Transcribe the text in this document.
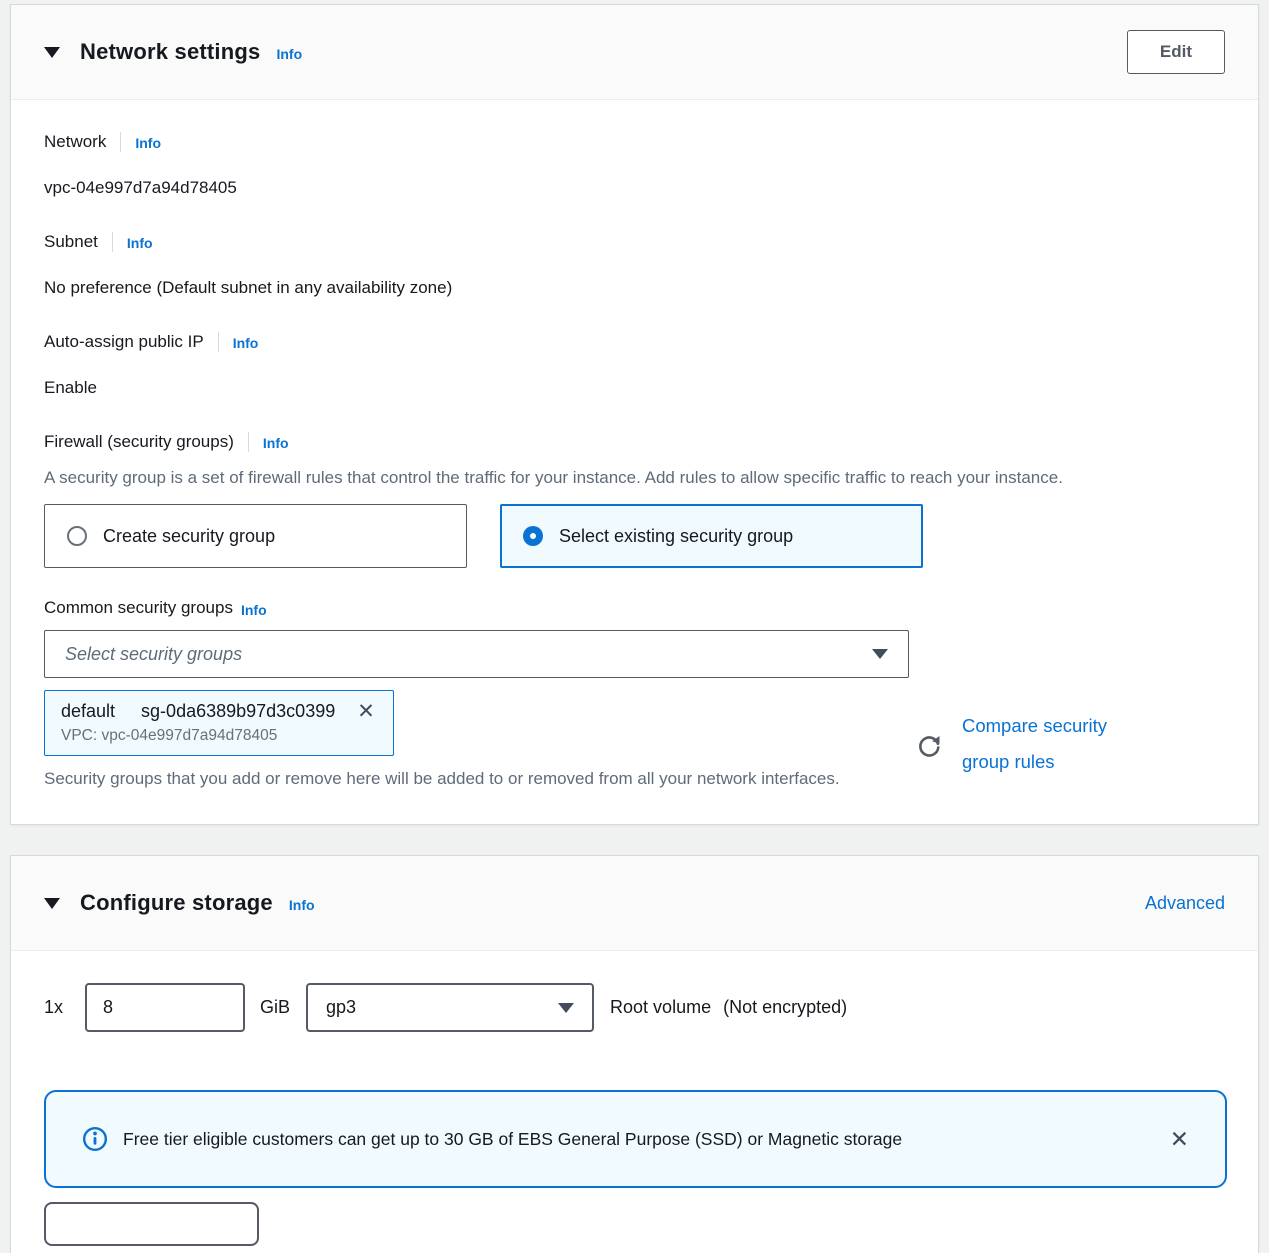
Network settings Info	Edit
Network Info
vpc-04e997d7a94d78405
Subnet Info
No preference (Default subnet in any availability zone)
Auto-assign public IP Info
Enable
Firewall (security groups) Info

A security group is a set of firewall rules that control the traffic for your instance. Add rules to allow specific traffic to reach your instance.

Create security group	Select existing security group
Common security groups Info
Select security groups
default sg-0da6389b97d3c0399 ✕
VPC: vpc-04e997d7a94d78405

Security groups that you add or remove here will be added to or removed from all your network interfaces.

Compare security group rules
Configure storage Info	Advanced
1x
8	GiB gp3	Root volume (Not encrypted)
Free tier eligible customers can get up to 30 GB of EBS General Purpose (SSD) or Magnetic storage	✕
